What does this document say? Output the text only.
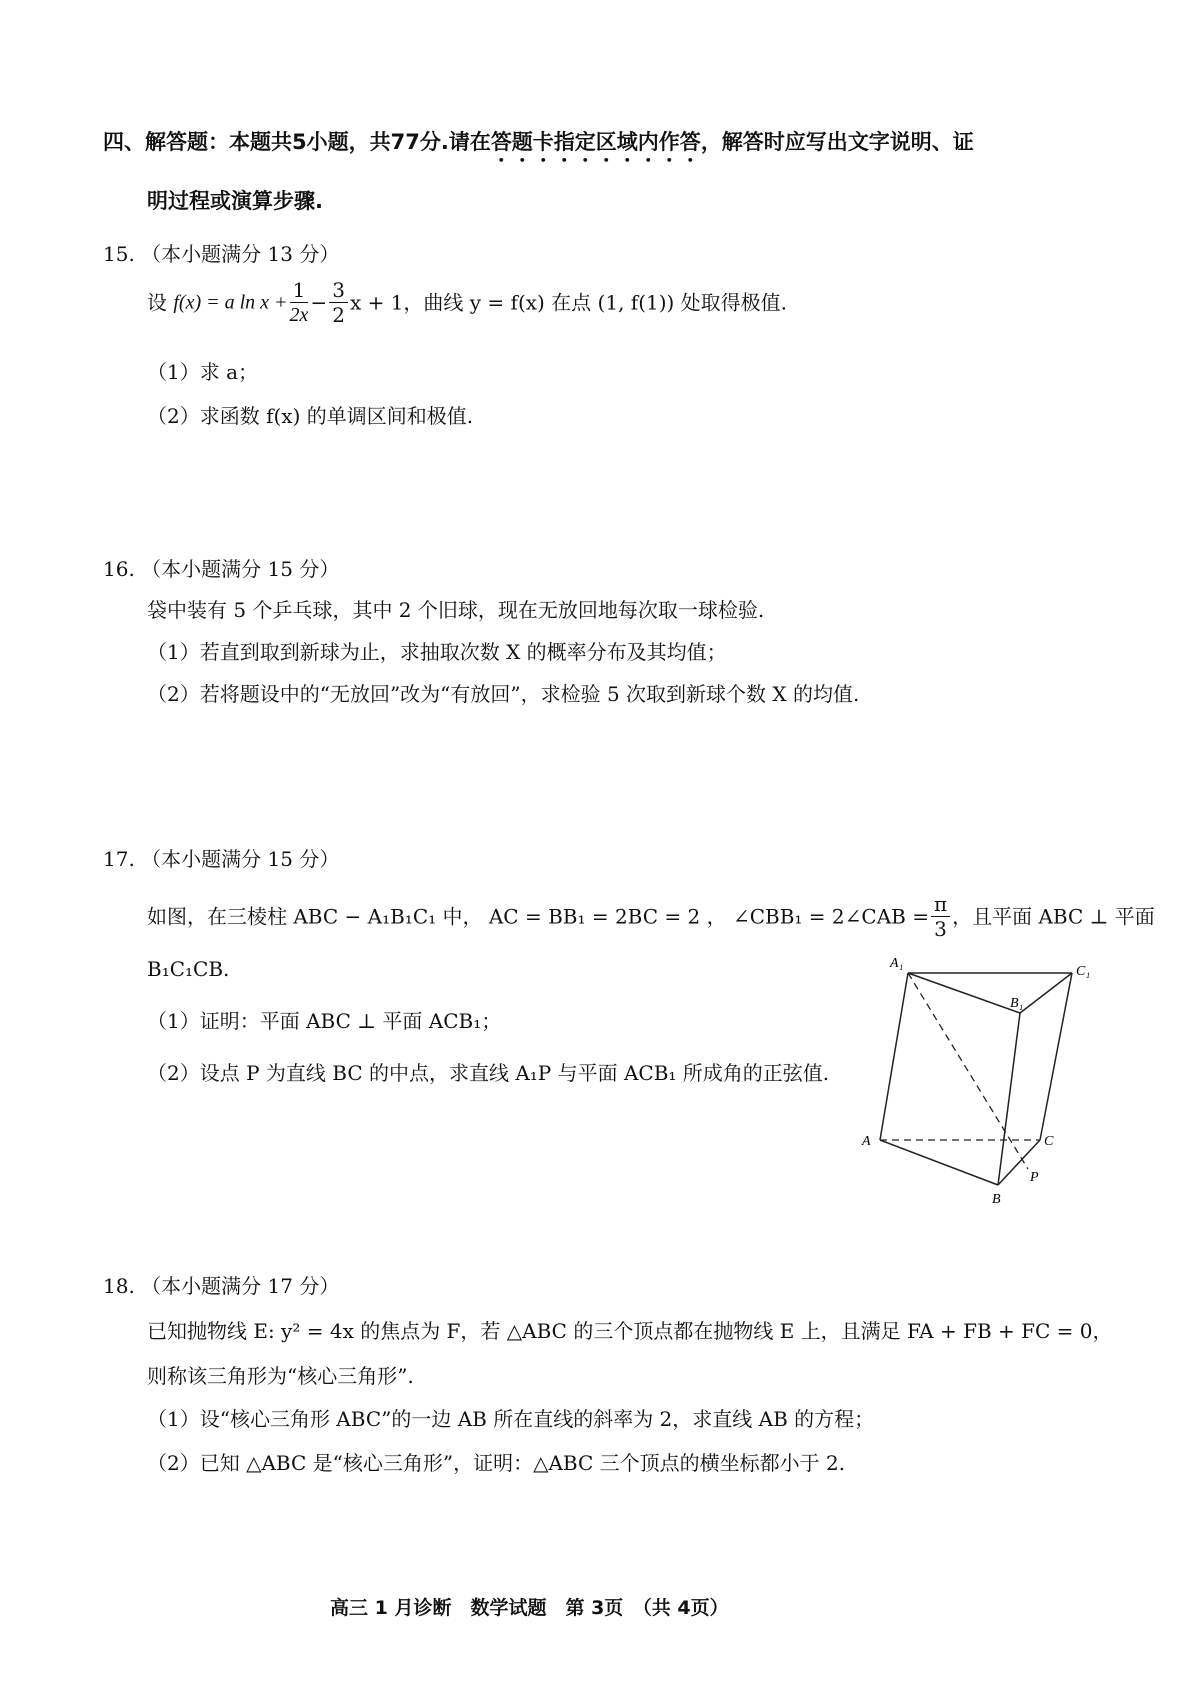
四、解答题：本题共5小题，共77分.请在答题卡指定区域内作答，解答时应写出文字说明、证
明过程或演算步骤.
15. （本小题满分 13 分）
设 f(x) = a $\ln x + \frac{1}{2x} - \frac{3}{2}$ x + 1，曲线 y = f(x) 在点 (1, f(1)) 处取得极值.
（1）求 a；
（2）求函数 f(x) 的单调区间和极值.
16. （本小题满分 15 分）
袋中装有 5 个乒乓球，其中 2 个旧球，现在无放回地每次取一球检验.
（1）若直到取到新球为止，求抽取次数 X 的概率分布及其均值；
（2）若将题设中的“无放回”改为“有放回”，求检验 5 次取到新球个数 X 的均值.
17. （本小题满分 15 分）
如图，在三棱柱 ABC − A₁B₁C₁ 中， AC = BB₁ = 2BC = 2 ， ∠CBB₁ = 2∠CAB = $\frac{\pi}{3}$ ，且平面 ABC ⊥ 平面
B₁C₁CB.
（1）证明：平面 ABC ⊥ 平面 ACB₁；
（2）设点 P 为直线 BC 的中点，求直线 A₁P 与平面 ACB₁ 所成角的正弦值.
A₁
C₁
B₁
A	C
P
B
18. （本小题满分 17 分）
已知抛物线 E: y² = 4x 的焦点为 F，若 △ABC 的三个顶点都在抛物线 E 上，且满足 FA + FB + FC = 0，
则称该三角形为“核心三角形”.
（1）设“核心三角形 ABC”的一边 AB 所在直线的斜率为 2，求直线 AB 的方程；
（2）已知 △ABC 是“核心三角形”，证明：△ABC 三个顶点的横坐标都小于 2.
高三 1 月诊断　数学试题　第 3页　（共 4页）
